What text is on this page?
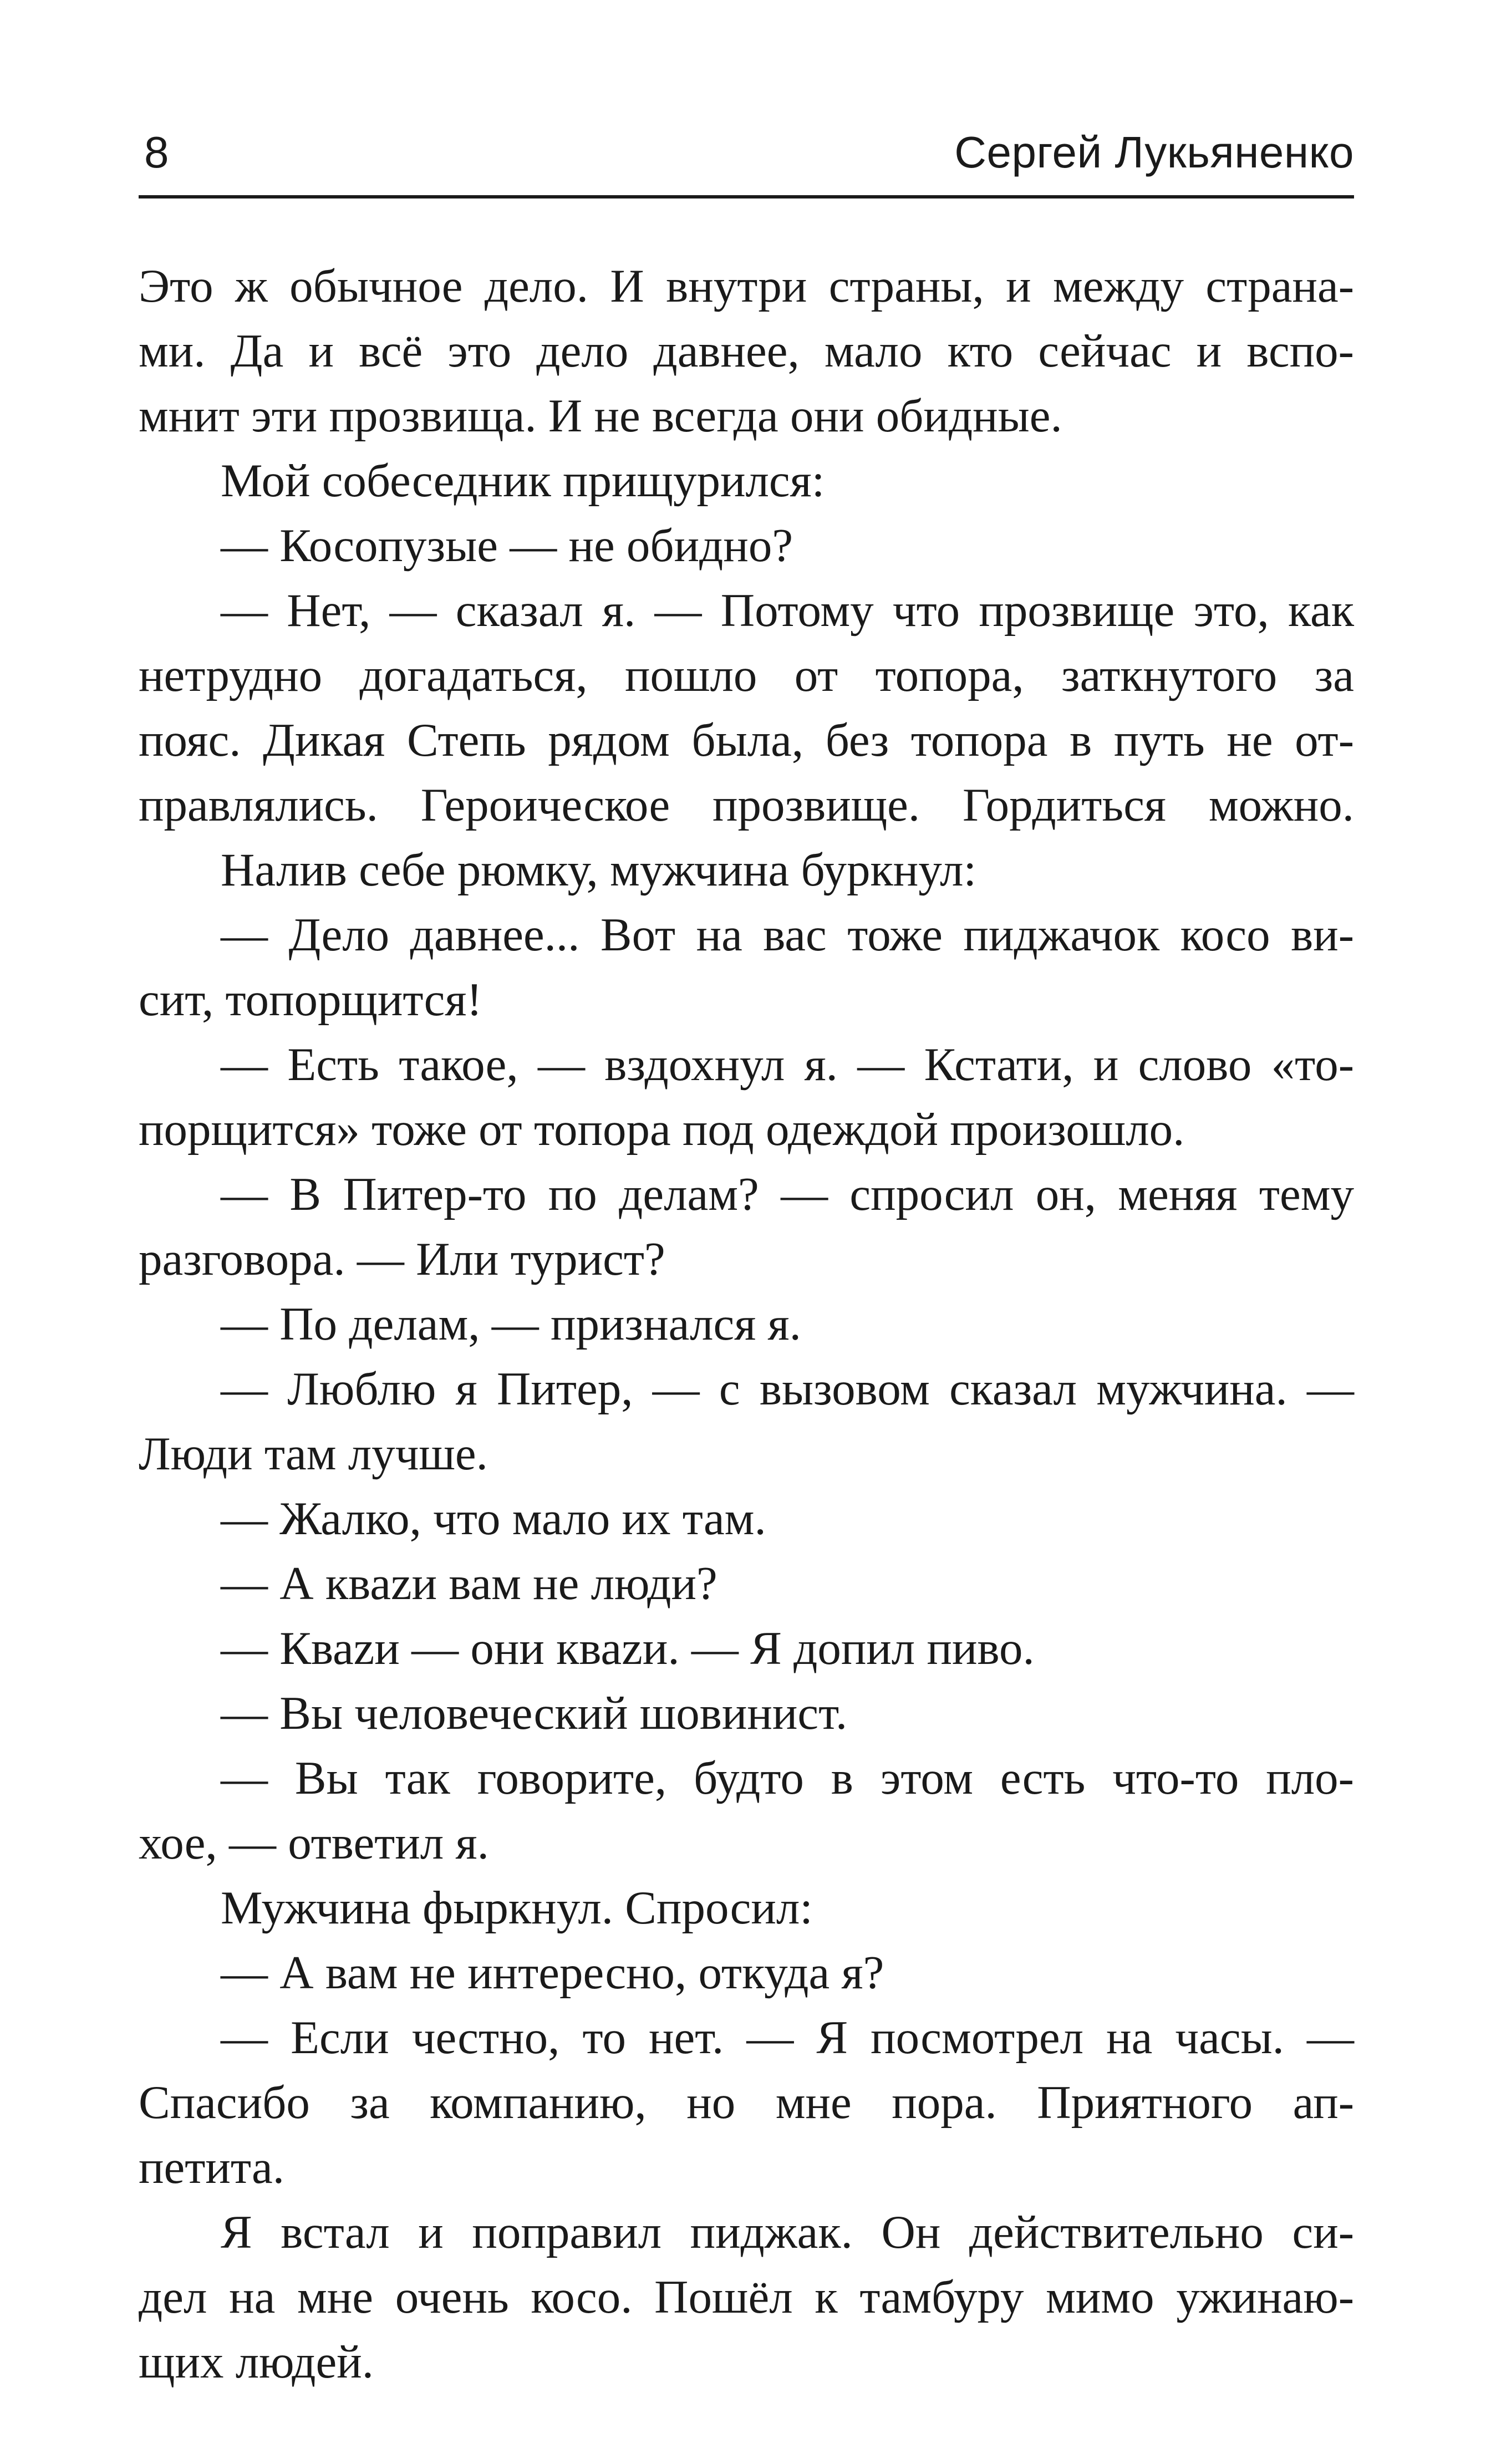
8	Сергей Лукьяненко
Это ж обычное дело. И внутри страны, и между страна-
ми. Да и всё это дело давнее, мало кто сейчас и вспо-
мнит эти прозвища. И не всегда они обидные.
Мой собеседник прищурился:
— Косопузые — не обидно?
— Нет, — сказал я. — Потому что прозвище это, как
нетрудно догадаться, пошло от топора, заткнутого за
пояс. Дикая Степь рядом была, без топора в путь не от-
правлялись. Героическое прозвище. Гордиться можно.
Налив себе рюмку, мужчина буркнул:
— Дело давнее... Вот на вас тоже пиджачок косо ви-
сит, топорщится!
— Есть такое, — вздохнул я. — Кстати, и слово «то-
порщится» тоже от топора под одеждой произошло.
— В Питер-то по делам? — спросил он, меняя тему
разговора. — Или турист?
— По делам, — признался я.
— Люблю я Питер, — с вызовом сказал мужчина. —
Люди там лучше.
— Жалко, что мало их там.
— А кваzи вам не люди?
— Кваzи — они кваzи. — Я допил пиво.
— Вы человеческий шовинист.
— Вы так говорите, будто в этом есть что-то пло-
хое, — ответил я.
Мужчина фыркнул. Спросил:
— А вам не интересно, откуда я?
— Если честно, то нет. — Я посмотрел на часы. —
Спасибо за компанию, но мне пора. Приятного ап-
петита.
Я встал и поправил пиджак. Он действительно си-
дел на мне очень косо. Пошёл к тамбуру мимо ужинаю-
щих людей.
